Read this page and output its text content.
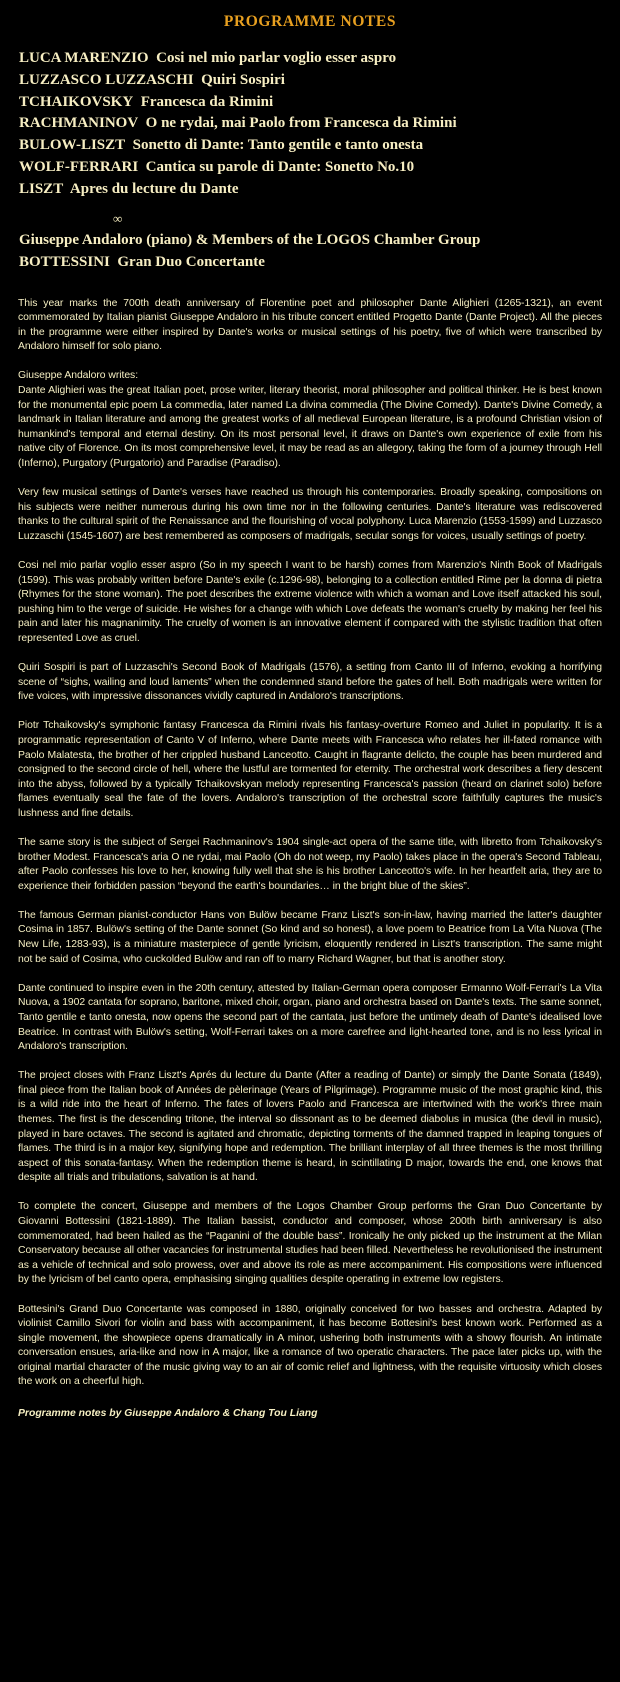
PROGRAMME NOTES
LUCA MARENZIO Cosi nel mio parlar voglio esser aspro
LUZZASCO LUZZASCHI Quiri Sospiri
TCHAIKOVSKY Francesca da Rimini
RACHMANINOV O ne rydai, mai Paolo from Francesca da Rimini
BULOW-LISZT Sonetto di Dante: Tanto gentile e tanto onesta
WOLF-FERRARI Cantica su parole di Dante: Sonetto No.10
LISZT Apres du lecture du Dante
∞
Giuseppe Andaloro (piano) & Members of the LOGOS Chamber Group
BOTTESSINI Gran Duo Concertante

This year marks the 700th death anniversary of Florentine poet and philosopher Dante Alighieri (1265-1321), an event commemorated by Italian pianist Giuseppe Andaloro in his tribute concert entitled Progetto Dante (Dante Project). All the pieces in the programme were either inspired by Dante's works or musical settings of his poetry, five of which were transcribed by Andaloro himself for solo piano.

Giuseppe Andaloro writes:

Dante Alighieri was the great Italian poet, prose writer, literary theorist, moral philosopher and political thinker. He is best known for the monumental epic poem La commedia, later named La divina commedia (The Divine Comedy). Dante's Divine Comedy, a landmark in Italian literature and among the greatest works of all medieval European literature, is a profound Christian vision of humankind's temporal and eternal destiny. On its most personal level, it draws on Dante's own experience of exile from his native city of Florence. On its most comprehensive level, it may be read as an allegory, taking the form of a journey through Hell (Inferno), Purgatory (Purgatorio) and Paradise (Paradiso).

Very few musical settings of Dante's verses have reached us through his contemporaries. Broadly speaking, compositions on his subjects were neither numerous during his own time nor in the following centuries. Dante's literature was rediscovered thanks to the cultural spirit of the Renaissance and the flourishing of vocal polyphony. Luca Marenzio (1553-1599) and Luzzasco Luzzaschi (1545-1607) are best remembered as composers of madrigals, secular songs for voices, usually settings of poetry.

Cosi nel mio parlar voglio esser aspro (So in my speech I want to be harsh) comes from Marenzio's Ninth Book of Madrigals (1599). This was probably written before Dante's exile (c.1296-98), belonging to a collection entitled Rime per la donna di pietra (Rhymes for the stone woman). The poet describes the extreme violence with which a woman and Love itself attacked his soul, pushing him to the verge of suicide. He wishes for a change with which Love defeats the woman's cruelty by making her feel his pain and later his magnanimity. The cruelty of women is an innovative element if compared with the stylistic tradition that often represented Love as cruel.

Quiri Sospiri is part of Luzzaschi's Second Book of Madrigals (1576), a setting from Canto III of Inferno, evoking a horrifying scene of “sighs, wailing and loud laments” when the condemned stand before the gates of hell. Both madrigals were written for five voices, with impressive dissonances vividly captured in Andaloro's transcriptions.

Piotr Tchaikovsky's symphonic fantasy Francesca da Rimini rivals his fantasy-overture Romeo and Juliet in popularity. It is a programmatic representation of Canto V of Inferno, where Dante meets with Francesca who relates her ill-fated romance with Paolo Malatesta, the brother of her crippled husband Lanceotto. Caught in flagrante delicto, the couple has been murdered and consigned to the second circle of hell, where the lustful are tormented for eternity. The orchestral work describes a fiery descent into the abyss, followed by a typically Tchaikovskyan melody representing Francesca's passion (heard on clarinet solo) before flames eventually seal the fate of the lovers. Andaloro's transcription of the orchestral score faithfully captures the music's lushness and fine details.

The same story is the subject of Sergei Rachmaninov's 1904 single-act opera of the same title, with libretto from Tchaikovsky's brother Modest. Francesca's aria O ne rydai, mai Paolo (Oh do not weep, my Paolo) takes place in the opera's Second Tableau, after Paolo confesses his love to her, knowing fully well that she is his brother Lanceotto's wife. In her heartfelt aria, they are to experience their forbidden passion “beyond the earth's boundaries… in the bright blue of the skies”.

The famous German pianist-conductor Hans von Bulöw became Franz Liszt's son-in-law, having married the latter's daughter Cosima in 1857. Bulöw's setting of the Dante sonnet (So kind and so honest), a love poem to Beatrice from La Vita Nuova (The New Life, 1283-93), is a miniature masterpiece of gentle lyricism, eloquently rendered in Liszt's transcription. The same might not be said of Cosima, who cuckolded Bulöw and ran off to marry Richard Wagner, but that is another story.

Dante continued to inspire even in the 20th century, attested by Italian-German opera composer Ermanno Wolf-Ferrari's La Vita Nuova, a 1902 cantata for soprano, baritone, mixed choir, organ, piano and orchestra based on Dante's texts. The same sonnet, Tanto gentile e tanto onesta, now opens the second part of the cantata, just before the untimely death of Dante's idealised love Beatrice. In contrast with Bulöw's setting, Wolf-Ferrari takes on a more carefree and light-hearted tone, and is no less lyrical in Andaloro's transcription.

The project closes with Franz Liszt's Aprés du lecture du Dante (After a reading of Dante) or simply the Dante Sonata (1849), final piece from the Italian book of Années de pèlerinage (Years of Pilgrimage). Programme music of the most graphic kind, this is a wild ride into the heart of Inferno. The fates of lovers Paolo and Francesca are intertwined with the work's three main themes. The first is the descending tritone, the interval so dissonant as to be deemed diabolus in musica (the devil in music), played in bare octaves. The second is agitated and chromatic, depicting torments of the damned trapped in leaping tongues of flames. The third is in a major key, signifying hope and redemption. The brilliant interplay of all three themes is the most thrilling aspect of this sonata-fantasy. When the redemption theme is heard, in scintillating D major, towards the end, one knows that despite all trials and tribulations, salvation is at hand.

To complete the concert, Giuseppe and members of the Logos Chamber Group performs the Gran Duo Concertante by Giovanni Bottessini (1821-1889). The Italian bassist, conductor and composer, whose 200th birth anniversary is also commemorated, had been hailed as the “Paganini of the double bass”. Ironically he only picked up the instrument at the Milan Conservatory because all other vacancies for instrumental studies had been filled. Nevertheless he revolutionised the instrument as a vehicle of technical and solo prowess, over and above its role as mere accompaniment. His compositions were influenced by the lyricism of bel canto opera, emphasising singing qualities despite operating in extreme low registers.

Bottesini's Grand Duo Concertante was composed in 1880, originally conceived for two basses and orchestra. Adapted by violinist Camillo Sivori for violin and bass with accompaniment, it has become Bottesini's best known work. Performed as a single movement, the showpiece opens dramatically in A minor, ushering both instruments with a showy flourish. An intimate conversation ensues, aria-like and now in A major, like a romance of two operatic characters. The pace later picks up, with the original martial character of the music giving way to an air of comic relief and lightness, with the requisite virtuosity which closes the work on a cheerful high.

Programme notes by Giuseppe Andaloro & Chang Tou Liang
